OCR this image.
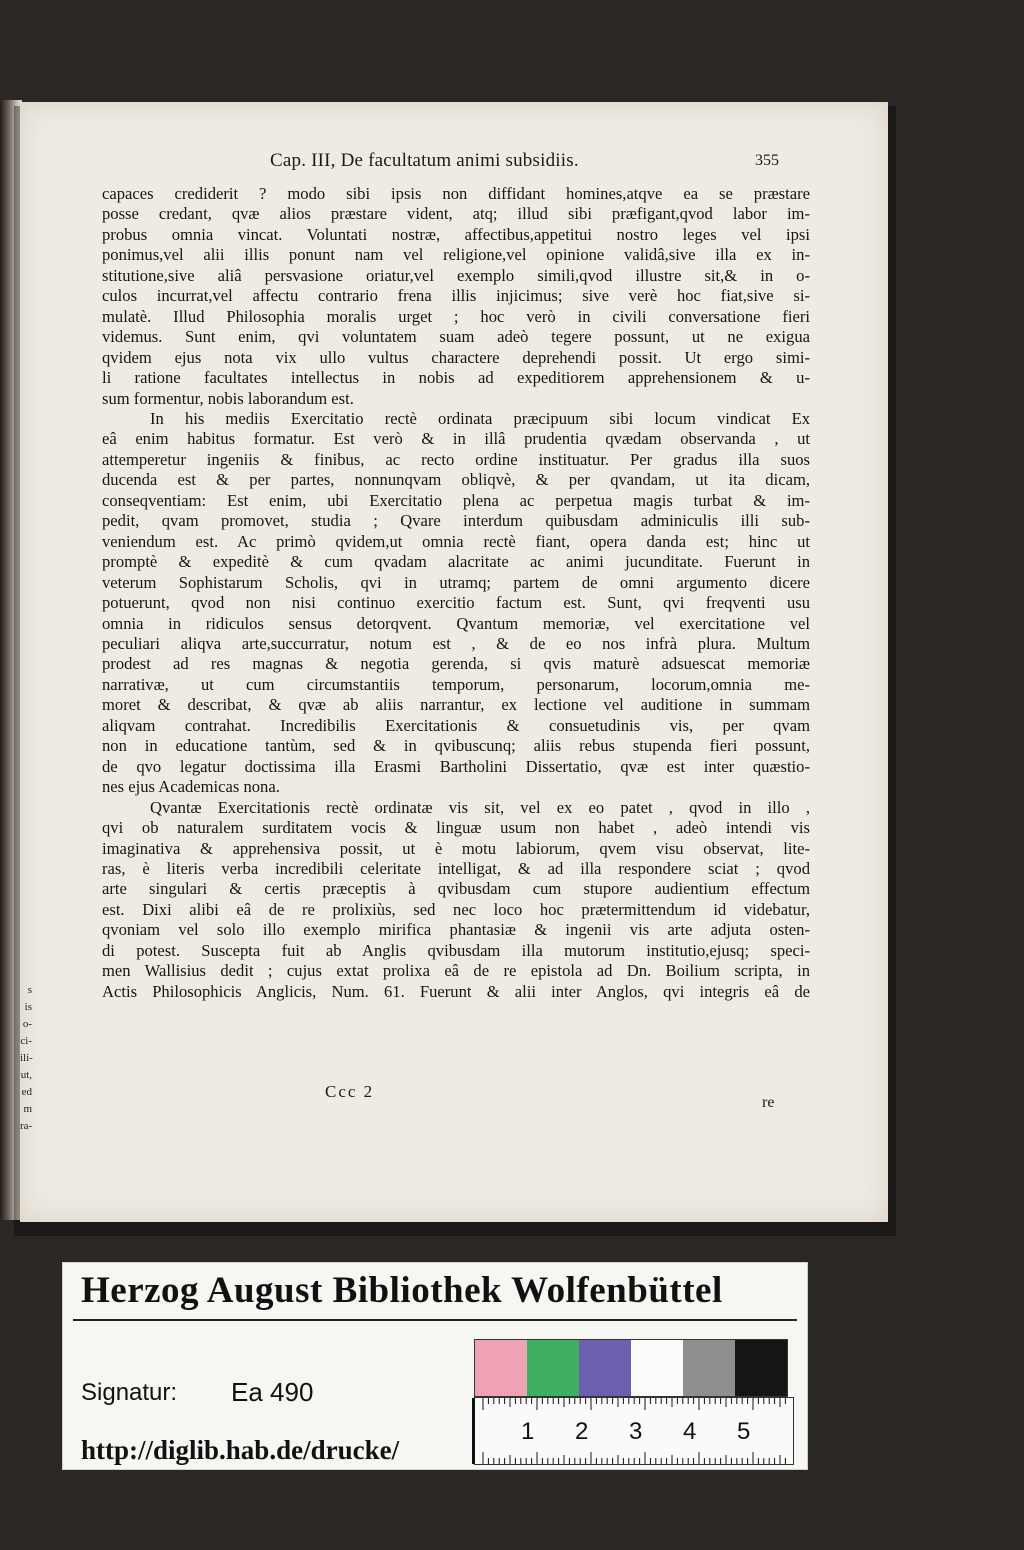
s
is
o-
ci-
ili-
ut,
ed
m
ra-
Cap. III, De facultatum animi subsidiis.	355
capaces crediderit ? modo sibi ipsis non diffidant homines,atqve ea se præstare
posse credant, qvæ alios præstare vident, atq; illud sibi præfigant,qvod labor im-
probus omnia vincat. Voluntati nostræ, affectibus,appetitui nostro leges vel ipsi
ponimus,vel alii illis ponunt nam vel religione,vel opinione validâ,sive illa ex in-
stitutione,sive aliâ persvasione oriatur,vel exemplo simili,qvod illustre sit,& in o-
culos incurrat,vel affectu contrario frena illis injicimus; sive verè hoc fiat,sive si-
mulatè. Illud Philosophia moralis urget ; hoc verò in civili conversatione fieri
videmus. Sunt enim, qvi voluntatem suam adeò tegere possunt, ut ne exigua
qvidem ejus nota vix ullo vultus charactere deprehendi possit. Ut ergo simi-
li ratione facultates intellectus in nobis ad expeditiorem apprehensionem & u-
sum formentur, nobis laborandum est.
In his mediis Exercitatio rectè ordinata præcipuum sibi locum vindicat Ex
eâ enim habitus formatur. Est verò & in illâ prudentia qvædam observanda , ut
attemperetur ingeniis & finibus, ac recto ordine instituatur. Per gradus illa suos
ducenda est & per partes, nonnunqvam obliqvè, & per qvandam, ut ita dicam,
conseqventiam: Est enim, ubi Exercitatio plena ac perpetua magis turbat & im-
pedit, qvam promovet, studia ; Qvare interdum quibusdam adminiculis illi sub-
veniendum est. Ac primò qvidem,ut omnia rectè fiant, opera danda est; hinc ut
promptè & expeditè & cum qvadam alacritate ac animi jucunditate. Fuerunt in
veterum Sophistarum Scholis, qvi in utramq; partem de omni argumento dicere
potuerunt, qvod non nisi continuo exercitio factum est. Sunt, qvi freqventi usu
omnia in ridiculos sensus detorqvent. Qvantum memoriæ, vel exercitatione vel
peculiari aliqva arte,succurratur, notum est , & de eo nos infrà plura. Multum
prodest ad res magnas & negotia gerenda, si qvis maturè adsuescat memoriæ
narrativæ, ut cum circumstantiis temporum, personarum, locorum,omnia me-
moret & describat, & qvæ ab aliis narrantur, ex lectione vel auditione in summam
aliqvam contrahat. Incredibilis Exercitationis & consuetudinis vis, per qvam
non in educatione tantùm, sed & in qvibuscunq; aliis rebus stupenda fieri possunt,
de qvo legatur doctissima illa Erasmi Bartholini Dissertatio, qvæ est inter quæstio-
nes ejus Academicas nona.
Qvantæ Exercitationis rectè ordinatæ vis sit, vel ex eo patet , qvod in illo ,
qvi ob naturalem surditatem vocis & linguæ usum non habet , adeò intendi vis
imaginativa & apprehensiva possit, ut è motu labiorum, qvem visu observat, lite-
ras, è literis verba incredibili celeritate intelligat, & ad illa respondere sciat ; qvod
arte singulari & certis præceptis à qvibusdam cum stupore audientium effectum
est. Dixi alibi eâ de re prolixiùs, sed nec loco hoc prætermittendum id videbatur,
qvoniam vel solo illo exemplo mirifica phantasiæ & ingenii vis arte adjuta osten-
di potest. Suscepta fuit ab Anglis qvibusdam illa mutorum institutio,ejusq; speci-
men Wallisius dedit ; cujus extat prolixa eâ de re epistola ad Dn. Boilium scripta, in
Actis Philosophicis Anglicis, Num. 61. Fuerunt & alii inter Anglos, qvi integris eâ de
Ccc 2
re
Herzog August Bibliothek Wolfenbüttel
Signatur: Ea 490
http://diglib.hab.de/drucke/
1 2 3 4 5
